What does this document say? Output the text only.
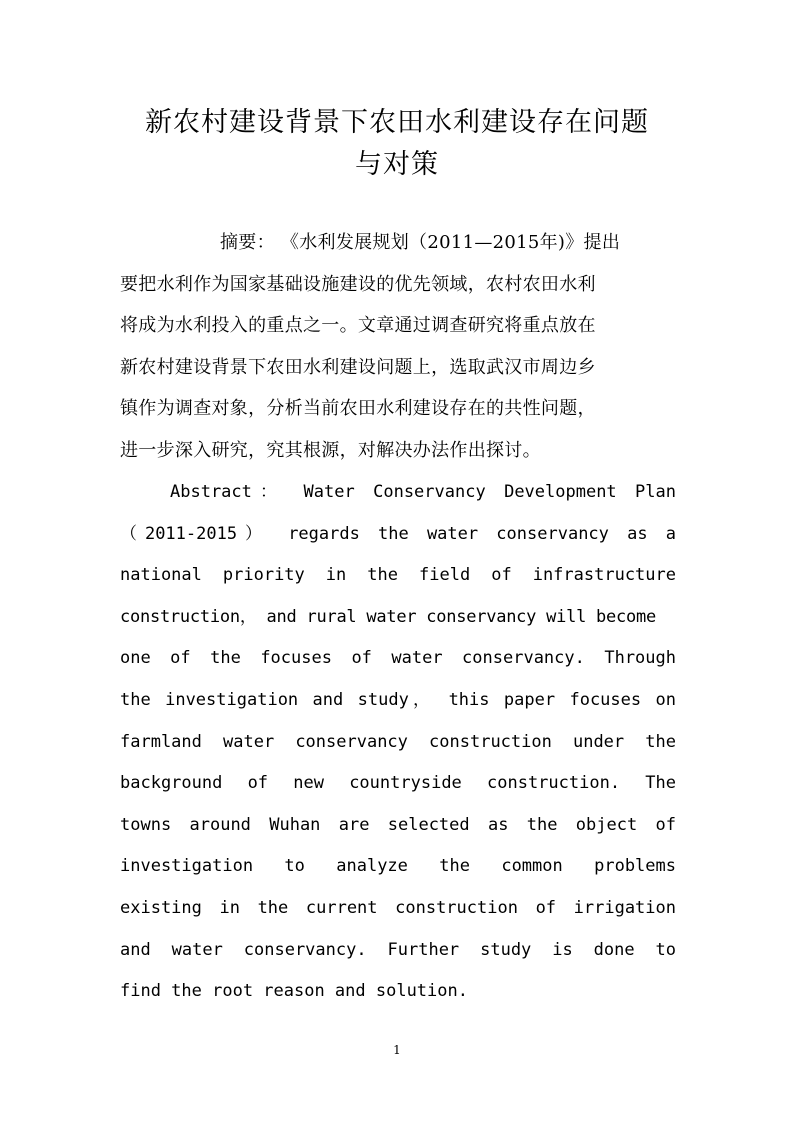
新农村建设背景下农田水利建设存在问题
与对策
摘要： 《水利发展规划（2011—2015年)》提出
要把水利作为国家基础设施建设的优先领域，农村农田水利
将成为水利投入的重点之一。文章通过调查研究将重点放在
新农村建设背景下农田水利建设问题上，选取武汉市周边乡
镇作为调查对象，分析当前农田水利建设存在的共性问题，
进一步深入研究，究其根源，对解决办法作出探讨。
Abstract： Water Conservancy Development Plan
（2011-2015） regards the water conservancy as a
national priority in the field of infrastructure
construction， and rural water conservancy will become
one of the focuses of water conservancy. Through
the investigation and study， this paper focuses on
farmland water conservancy construction under the
background of new countryside construction. The
towns around Wuhan are selected as the object of
investigation to analyze the common problems
existing in the current construction of irrigation
and water conservancy. Further study is done to
find the root reason and solution.
1
